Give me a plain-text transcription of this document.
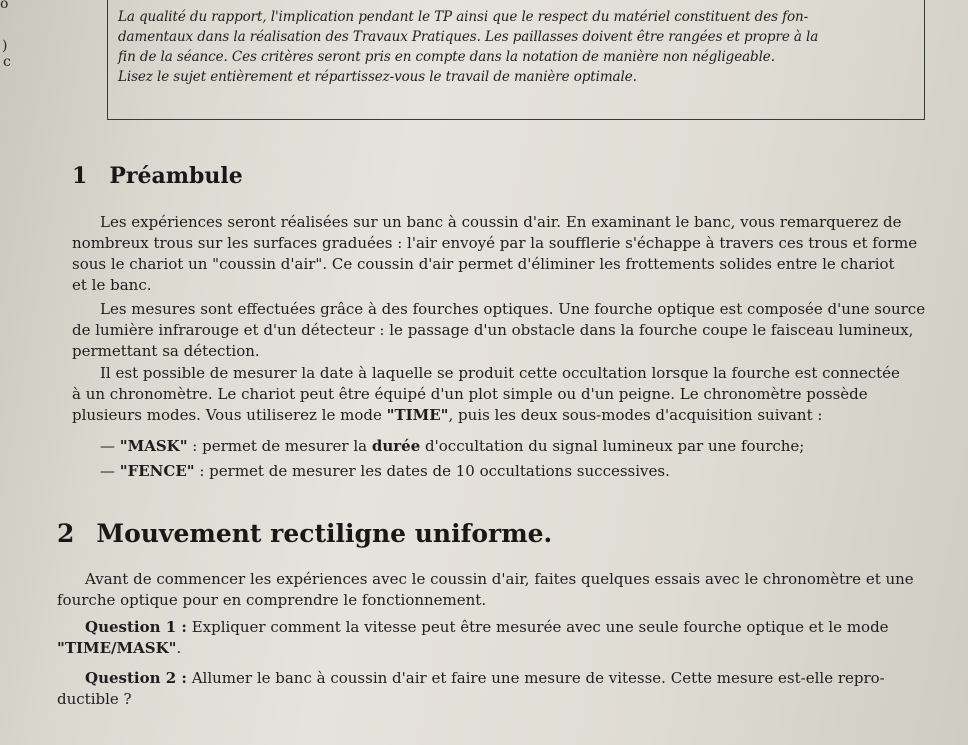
o
)
c
La qualité du rapport, l'implication pendant le TP ainsi que le respect du matériel constituent des fon-
damentaux dans la réalisation des Travaux Pratiques. Les paillasses doivent être rangées et propre à la
fin de la séance. Ces critères seront pris en compte dans la notation de manière non négligeable.
Lisez le sujet entièrement et répartissez-vous le travail de manière optimale.
1 Préambule
Les expériences seront réalisées sur un banc à coussin d'air. En examinant le banc, vous remarquerez de
nombreux trous sur les surfaces graduées : l'air envoyé par la soufflerie s'échappe à travers ces trous et forme
sous le chariot un "coussin d'air". Ce coussin d'air permet d'éliminer les frottements solides entre le chariot
et le banc.
Les mesures sont effectuées grâce à des fourches optiques. Une fourche optique est composée d'une source
de lumière infrarouge et d'un détecteur : le passage d'un obstacle dans la fourche coupe le faisceau lumineux,
permettant sa détection.
Il est possible de mesurer la date à laquelle se produit cette occultation lorsque la fourche est connectée
à un chronomètre. Le chariot peut être équipé d'un plot simple ou d'un peigne. Le chronomètre possède
plusieurs modes. Vous utiliserez le mode "TIME", puis les deux sous-modes d'acquisition suivant :
— "MASK" : permet de mesurer la durée d'occultation du signal lumineux par une fourche;
— "FENCE" : permet de mesurer les dates de 10 occultations successives.
2 Mouvement rectiligne uniforme.
Avant de commencer les expériences avec le coussin d'air, faites quelques essais avec le chronomètre et une
fourche optique pour en comprendre le fonctionnement.
Question 1 : Expliquer comment la vitesse peut être mesurée avec une seule fourche optique et le mode
"TIME/MASK".
Question 2 : Allumer le banc à coussin d'air et faire une mesure de vitesse. Cette mesure est-elle repro-
ductible ?
